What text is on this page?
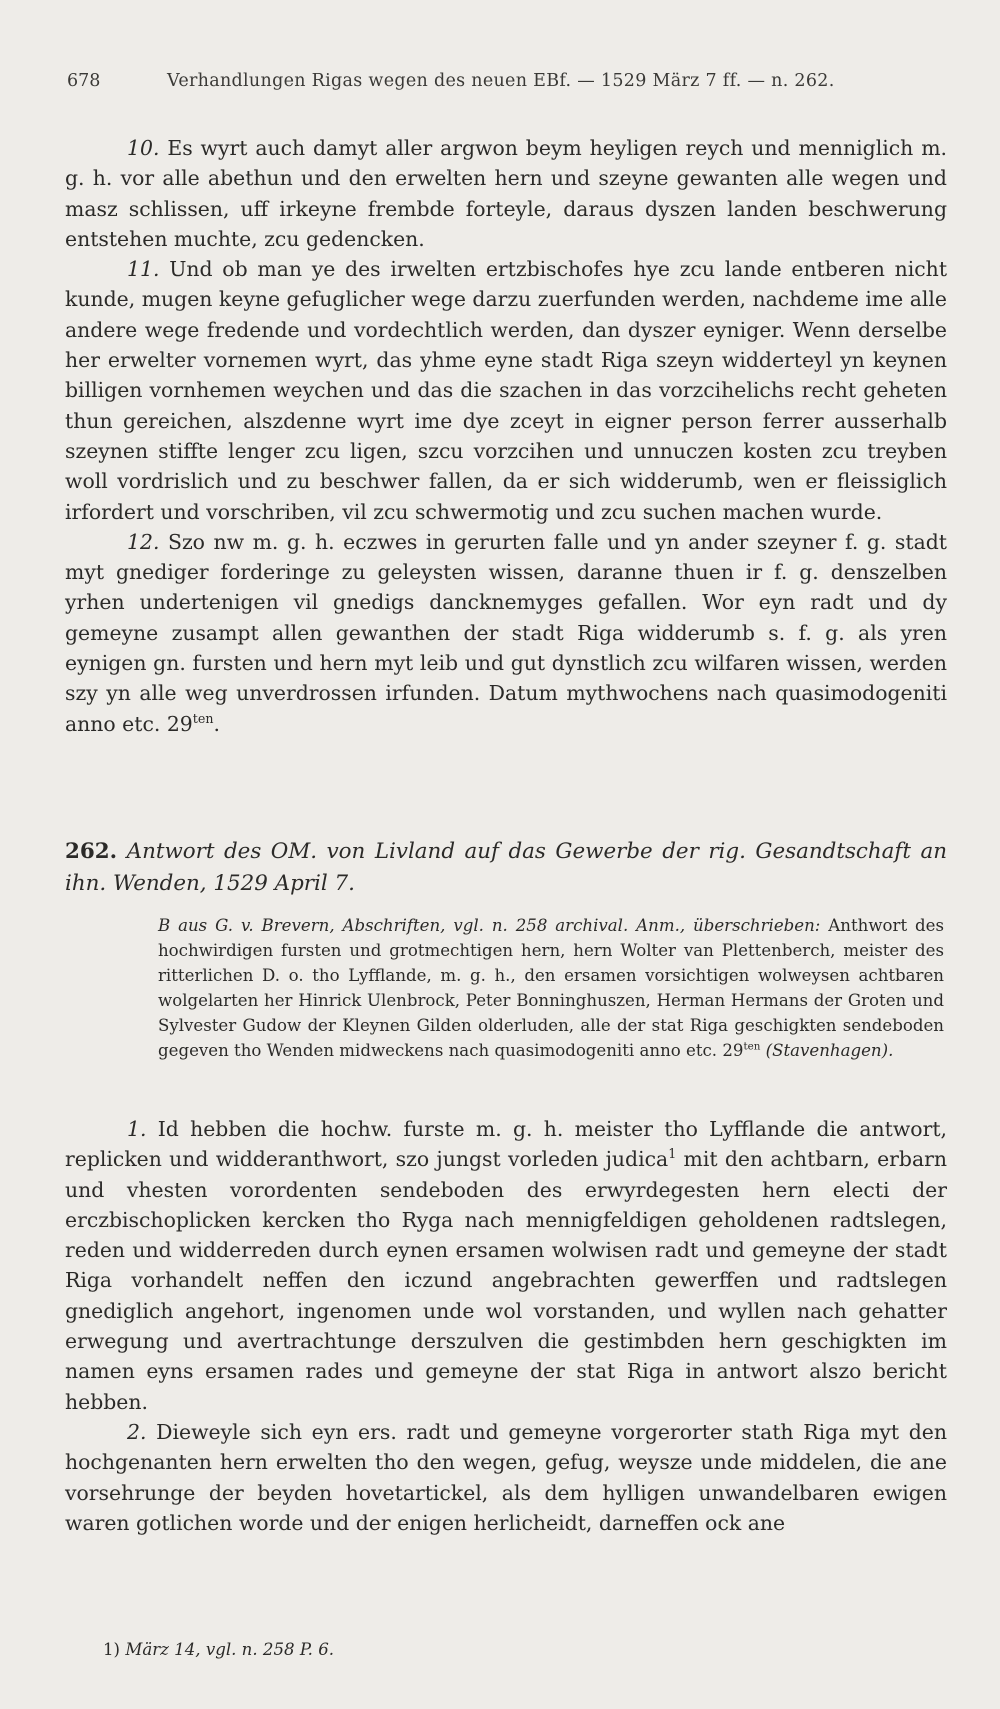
678	Verhandlungen Rigas wegen des neuen EBf. — 1529 März 7 ff. — n. 262.

10. Es wyrt auch damyt aller argwon beym heyligen reych und menniglich m. g. h. vor alle abethun und den erwelten hern und szeyne gewanten alle wegen und masz schlissen, uff irkeyne frembde forteyle, daraus dyszen landen beschwerung entstehen muchte, zcu gedencken.

11. Und ob man ye des irwelten ertzbischofes hye zcu lande entberen nicht kunde, mugen keyne gefuglicher wege darzu zuerfunden werden, nachdeme ime alle andere wege fredende und vordechtlich werden, dan dyszer eyniger. Wenn derselbe her erwelter vornemen wyrt, das yhme eyne stadt Riga szeyn widderteyl yn keynen billigen vornhemen weychen und das die szachen in das vorzcihelichs recht geheten thun gereichen, alszdenne wyrt ime dye zceyt in eigner person ferrer ausserhalb szeynen stiffte lenger zcu ligen, szcu vorzcihen und unnuczen kosten zcu treyben woll vordrislich und zu beschwer fallen, da er sich widderumb, wen er fleissiglich irfordert und vorschriben, vil zcu schwermotig und zcu suchen machen wurde.

12. Szo nw m. g. h. eczwes in gerurten falle und yn ander szeyner f. g. stadt myt gnediger forderinge zu geleysten wissen, daranne thuen ir f. g. denszelben yrhen undertenigen vil gnedigs dancknemyges gefallen. Wor eyn radt und dy gemeyne zusampt allen gewanthen der stadt Riga widderumb s. f. g. als yren eynigen gn. fursten und hern myt leib und gut dynstlich zcu wilfaren wissen, werden szy yn alle weg unverdrossen irfunden. Datum mythwochens nach quasimodogeniti anno etc. $29^{ten}$.

262. Antwort des OM. von Livland auf das Gewerbe der rig. Gesandtschaft an ihn. Wenden, 1529 April 7.
B aus G. v. Brevern, Abschriften, vgl. n. 258 archival. Anm., überschrieben: Anthwort des hochwirdigen fursten und grotmechtigen hern, hern Wolter van Plettenberch, meister des ritterlichen D. o. tho Lyfflande, m. g. h., den ersamen vorsichtigen wolweysen achtbaren wolgelarten her Hinrick Ulenbrock, Peter Bonninghuszen, Herman Hermans der Groten und Sylvester Gudow der Kleynen Gilden olderluden, alle der stat Riga geschigkten sendeboden gegeven tho Wenden midweckens nach quasimodogeniti anno etc. $29^{ten}$ (Stavenhagen).

1. Id hebben die hochw. furste m. g. h. meister tho Lyfflande die antwort, replicken und widderanthwort, szo jungst vorleden judica$^1$ mit den achtbarn, erbarn und vhesten vorordenten sendeboden des erwyrdegesten hern electi der erczbischoplicken kercken tho Ryga nach mennigfeldigen geholdenen radtslegen, reden und widderreden durch eynen ersamen wolwisen radt und gemeyne der stadt Riga vorhandelt neffen den iczund angebrachten gewerffen und radtslegen gnediglich angehort, ingenomen unde wol vorstanden, und wyllen nach gehatter erwegung und avertrachtunge derszulven die gestimbden hern geschigkten im namen eyns ersamen rades und gemeyne der stat Riga in antwort alszo bericht hebben.

2. Dieweyle sich eyn ers. radt und gemeyne vorgerorter stath Riga myt den hochgenanten hern erwelten tho den wegen, gefug, weysze unde middelen, die ane vorsehrunge der beyden hovetartickel, als dem hylligen unwandelbaren ewigen waren gotlichen worde und der enigen herlicheidt, darneffen ock ane

1) März 14, vgl. n. 258 P. 6.
